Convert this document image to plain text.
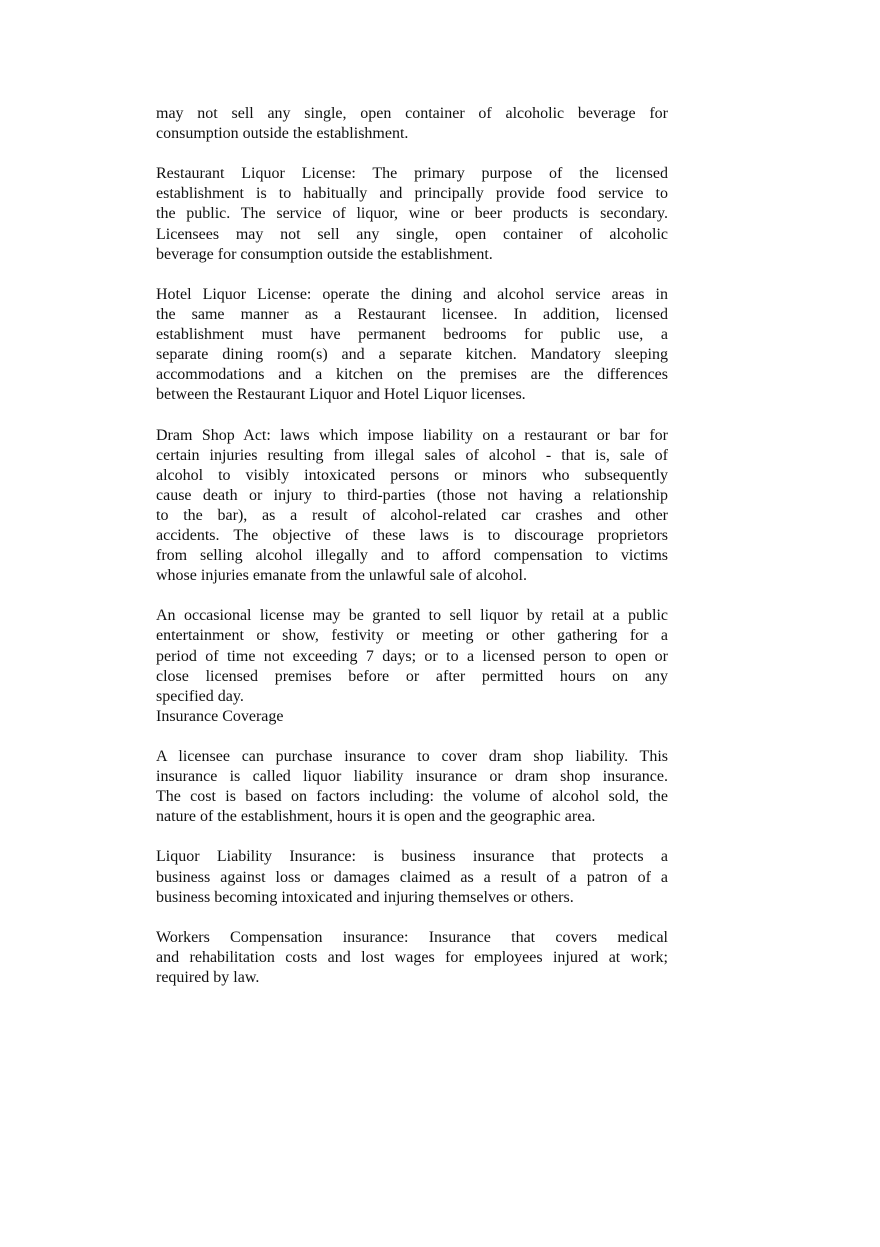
may not sell any single, open container of alcoholic beverage for
consumption outside the establishment.
Restaurant Liquor License: The primary purpose of the licensed
establishment is to habitually and principally provide food service to
the public. The service of liquor, wine or beer products is secondary.
Licensees may not sell any single, open container of alcoholic
beverage for consumption outside the establishment.
Hotel Liquor License: operate the dining and alcohol service areas in
the same manner as a Restaurant licensee. In addition, licensed
establishment must have permanent bedrooms for public use, a
separate dining room(s) and a separate kitchen. Mandatory sleeping
accommodations and a kitchen on the premises are the differences
between the Restaurant Liquor and Hotel Liquor licenses.
Dram Shop Act: laws which impose liability on a restaurant or bar for
certain injuries resulting from illegal sales of alcohol - that is, sale of
alcohol to visibly intoxicated persons or minors who subsequently
cause death or injury to third-parties (those not having a relationship
to the bar), as a result of alcohol-related car crashes and other
accidents. The objective of these laws is to discourage proprietors
from selling alcohol illegally and to afford compensation to victims
whose injuries emanate from the unlawful sale of alcohol.
An occasional license may be granted to sell liquor by retail at a public
entertainment or show, festivity or meeting or other gathering for a
period of time not exceeding 7 days; or to a licensed person to open or
close licensed premises before or after permitted hours on any
specified day.
Insurance Coverage
A licensee can purchase insurance to cover dram shop liability. This
insurance is called liquor liability insurance or dram shop insurance.
The cost is based on factors including: the volume of alcohol sold, the
nature of the establishment, hours it is open and the geographic area.
Liquor Liability Insurance: is business insurance that protects a
business against loss or damages claimed as a result of a patron of a
business becoming intoxicated and injuring themselves or others.
Workers Compensation insurance: Insurance that covers medical
and rehabilitation costs and lost wages for employees injured at work;
required by law.
